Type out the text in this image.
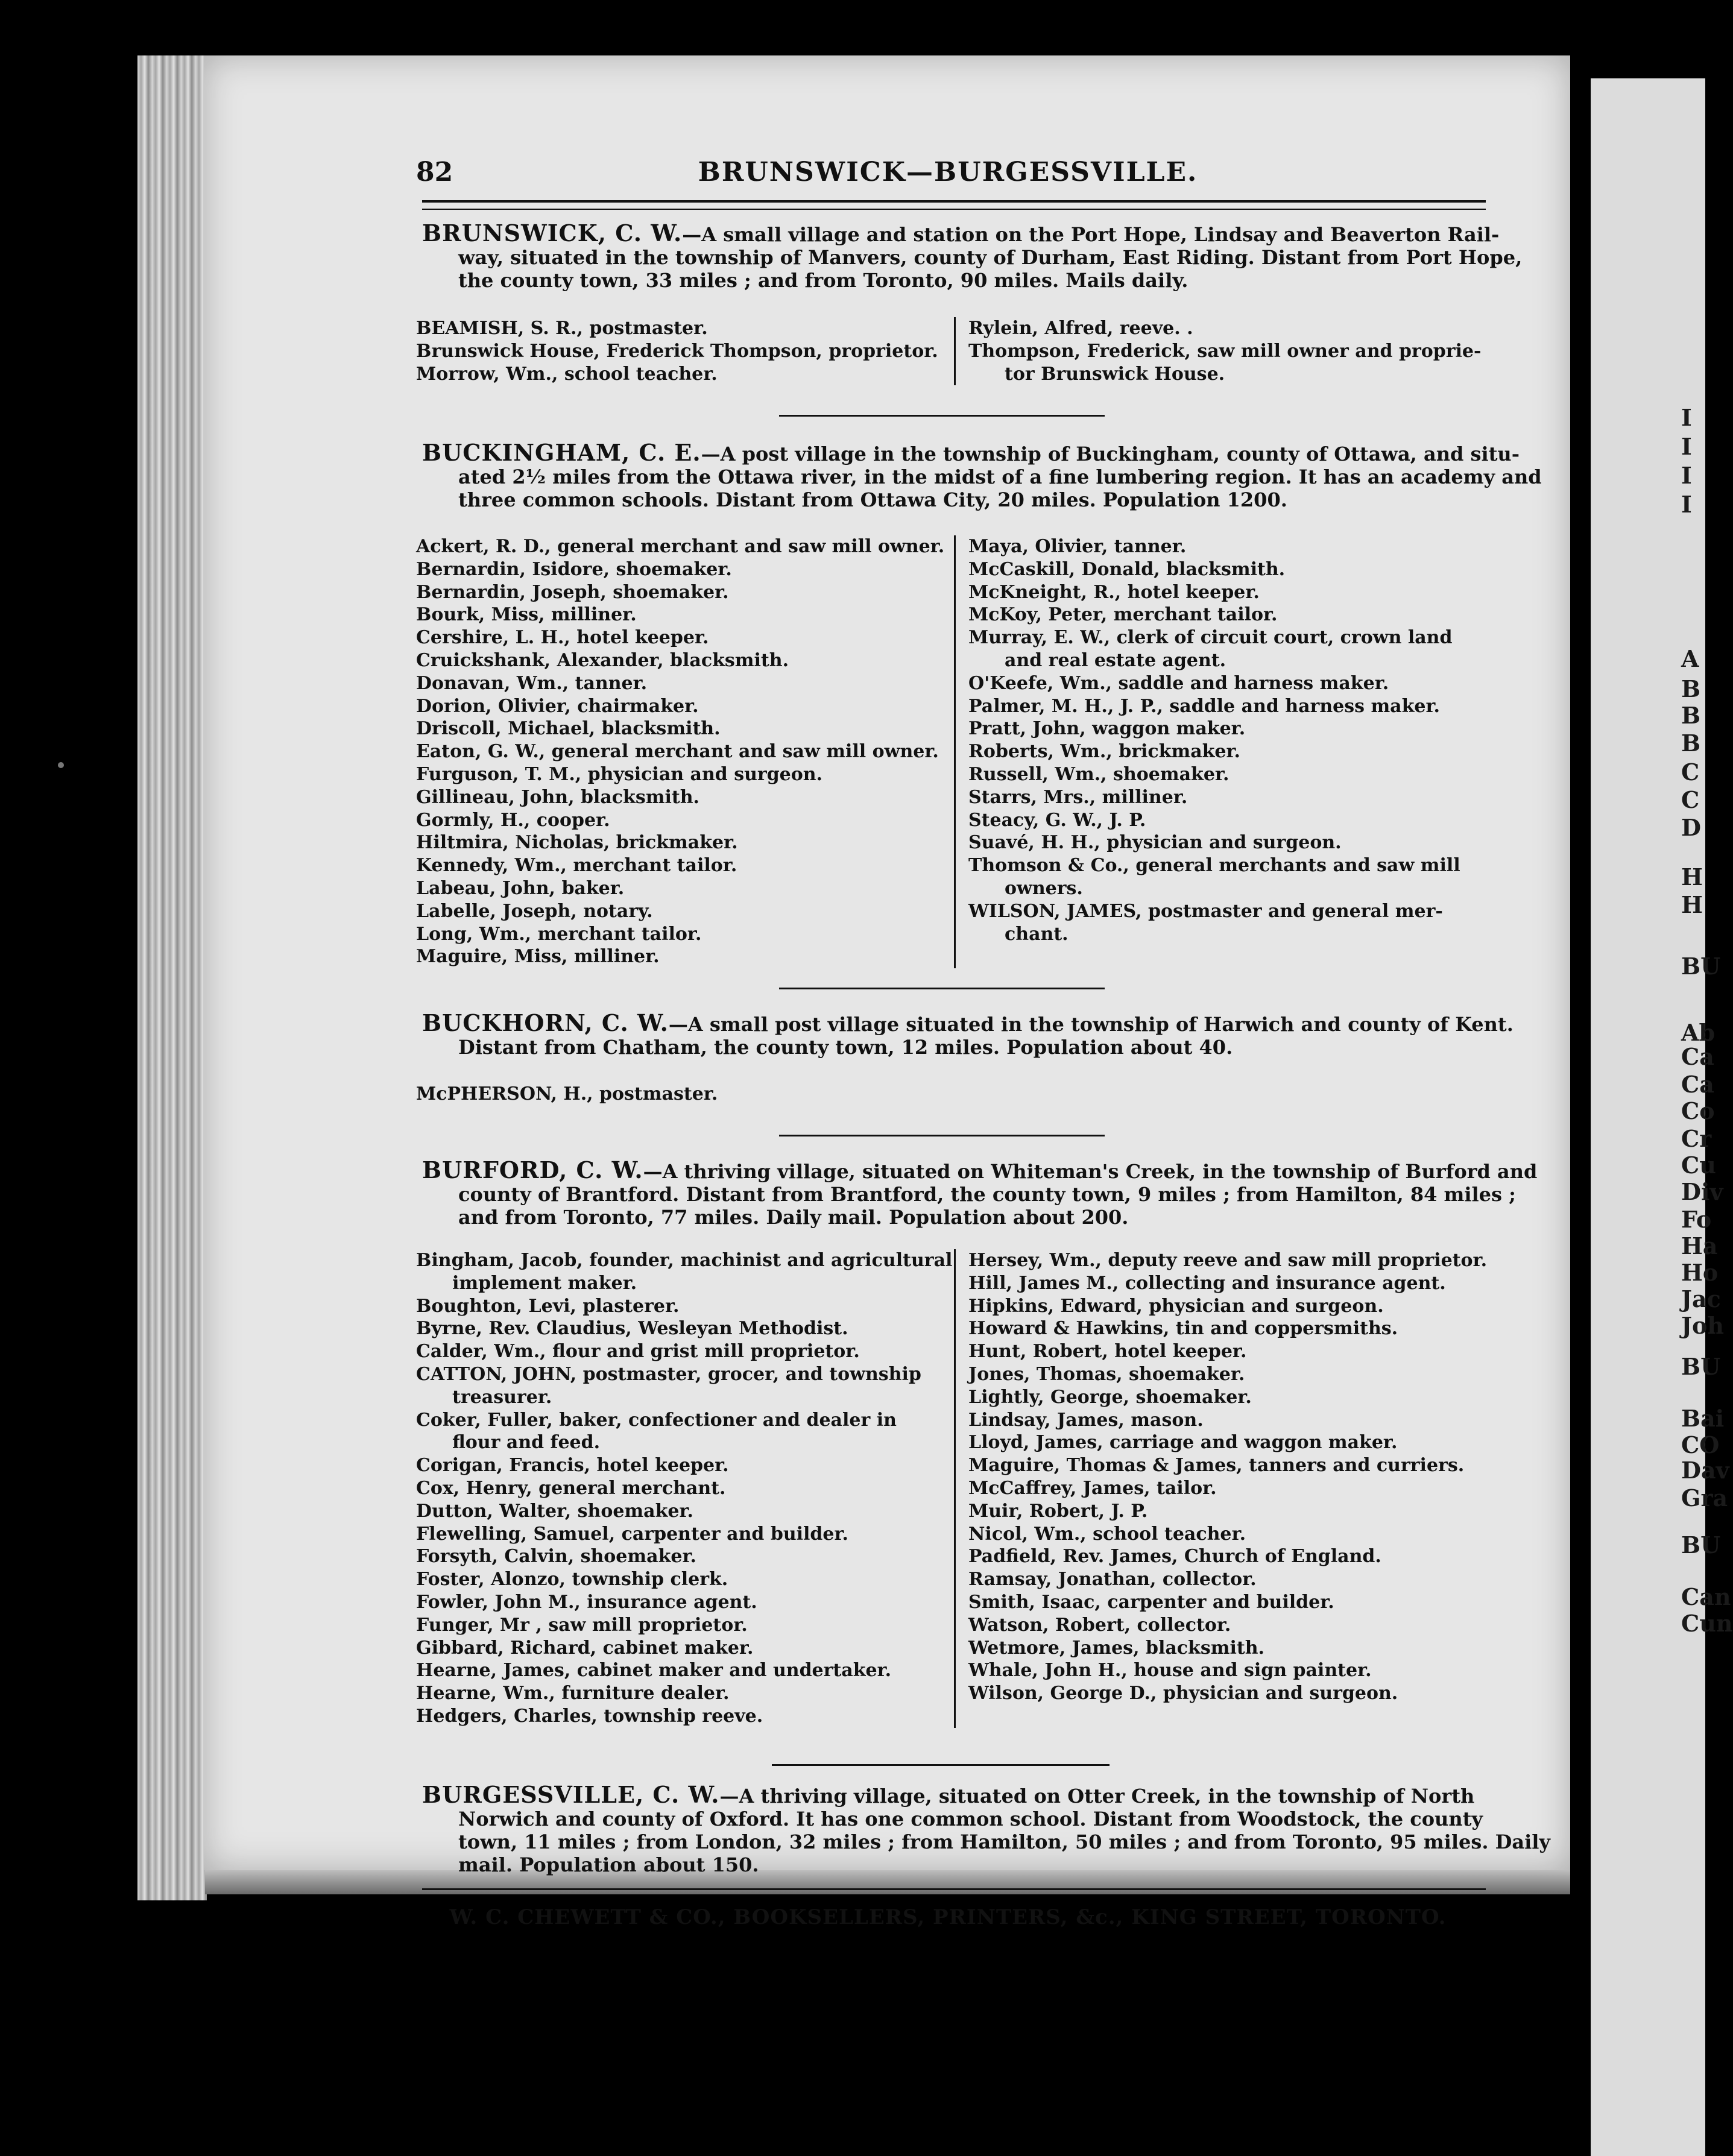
I
I
I
I
A
B
B
B
C
C
D
H
H
BU
Ab
Ca
Ca
Co
Cr
Cu
Div
Fo
Ha
Ho
Jac
Joh
BU
Bai
CO
Dav
Gra
BU
Can
Cun
82	BRUNSWICK—BURGESSVILLE.
BRUNSWICK, C. W.—A small village and station on the Port Hope, Lindsay and Beaverton Rail-
way, situated in the township of Manvers, county of Durham, East Riding. Distant from Port Hope,
the county town, 33 miles ; and from Toronto, 90 miles. Mails daily.
BEAMISH, S. R., postmaster.
Brunswick House, Frederick Thompson, proprietor.
Morrow, Wm., school teacher.
Rylein, Alfred, reeve. .
Thompson, Frederick, saw mill owner and proprie-
tor Brunswick House.
BUCKINGHAM, C. E.—A post village in the township of Buckingham, county of Ottawa, and situ-
ated 2½ miles from the Ottawa river, in the midst of a fine lumbering region. It has an academy and
three common schools. Distant from Ottawa City, 20 miles. Population 1200.
Ackert, R. D., general merchant and saw mill owner.
Bernardin, Isidore, shoemaker.
Bernardin, Joseph, shoemaker.
Bourk, Miss, milliner.
Cershire, L. H., hotel keeper.
Cruickshank, Alexander, blacksmith.
Donavan, Wm., tanner.
Dorion, Olivier, chairmaker.
Driscoll, Michael, blacksmith.
Eaton, G. W., general merchant and saw mill owner.
Furguson, T. M., physician and surgeon.
Gillineau, John, blacksmith.
Gormly, H., cooper.
Hiltmira, Nicholas, brickmaker.
Kennedy, Wm., merchant tailor.
Labeau, John, baker.
Labelle, Joseph, notary.
Long, Wm., merchant tailor.
Maguire, Miss, milliner.
Maya, Olivier, tanner.
McCaskill, Donald, blacksmith.
McKneight, R., hotel keeper.
McKoy, Peter, merchant tailor.
Murray, E. W., clerk of circuit court, crown land
and real estate agent.
O'Keefe, Wm., saddle and harness maker.
Palmer, M. H., J. P., saddle and harness maker.
Pratt, John, waggon maker.
Roberts, Wm., brickmaker.
Russell, Wm., shoemaker.
Starrs, Mrs., milliner.
Steacy, G. W., J. P.
Suavé, H. H., physician and surgeon.
Thomson & Co., general merchants and saw mill
owners.
WILSON, JAMES, postmaster and general mer-
chant.
BUCKHORN, C. W.—A small post village situated in the township of Harwich and county of Kent.
Distant from Chatham, the county town, 12 miles. Population about 40.
McPHERSON, H., postmaster.
BURFORD, C. W.—A thriving village, situated on Whiteman's Creek, in the township of Burford and
county of Brantford. Distant from Brantford, the county town, 9 miles ; from Hamilton, 84 miles ;
and from Toronto, 77 miles. Daily mail. Population about 200.
Bingham, Jacob, founder, machinist and agricultural
implement maker.
Boughton, Levi, plasterer.
Byrne, Rev. Claudius, Wesleyan Methodist.
Calder, Wm., flour and grist mill proprietor.
CATTON, JOHN, postmaster, grocer, and township
treasurer.
Coker, Fuller, baker, confectioner and dealer in
flour and feed.
Corigan, Francis, hotel keeper.
Cox, Henry, general merchant.
Dutton, Walter, shoemaker.
Flewelling, Samuel, carpenter and builder.
Forsyth, Calvin, shoemaker.
Foster, Alonzo, township clerk.
Fowler, John M., insurance agent.
Funger, Mr , saw mill proprietor.
Gibbard, Richard, cabinet maker.
Hearne, James, cabinet maker and undertaker.
Hearne, Wm., furniture dealer.
Hedgers, Charles, township reeve.
Hersey, Wm., deputy reeve and saw mill proprietor.
Hill, James M., collecting and insurance agent.
Hipkins, Edward, physician and surgeon.
Howard & Hawkins, tin and coppersmiths.
Hunt, Robert, hotel keeper.
Jones, Thomas, shoemaker.
Lightly, George, shoemaker.
Lindsay, James, mason.
Lloyd, James, carriage and waggon maker.
Maguire, Thomas & James, tanners and curriers.
McCaffrey, James, tailor.
Muir, Robert, J. P.
Nicol, Wm., school teacher.
Padfield, Rev. James, Church of England.
Ramsay, Jonathan, collector.
Smith, Isaac, carpenter and builder.
Watson, Robert, collector.
Wetmore, James, blacksmith.
Whale, John H., house and sign painter.
Wilson, George D., physician and surgeon.
BURGESSVILLE, C. W.—A thriving village, situated on Otter Creek, in the township of North
Norwich and county of Oxford. It has one common school. Distant from Woodstock, the county
town, 11 miles ; from London, 32 miles ; from Hamilton, 50 miles ; and from Toronto, 95 miles. Daily
mail. Population about 150.
W. C. CHEWETT & CO., BOOKSELLERS, PRINTERS, &c., KING STREET, TORONTO.
